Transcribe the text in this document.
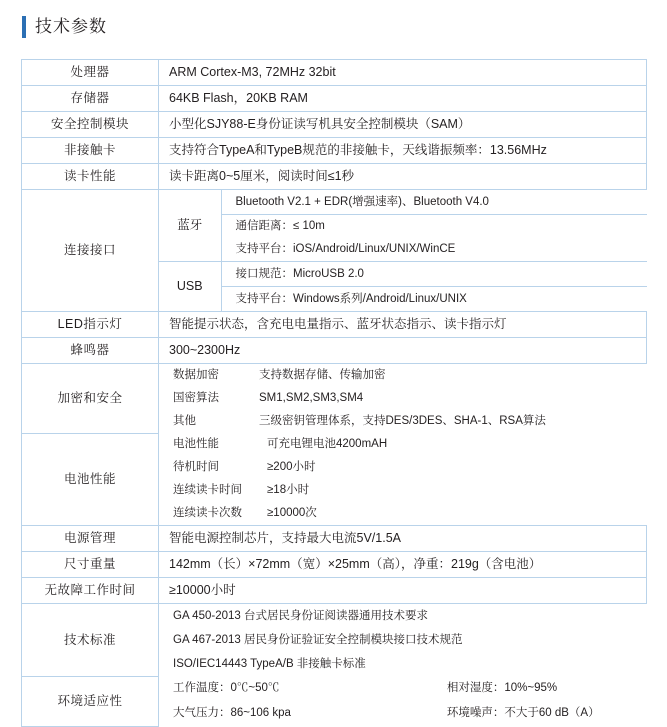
技术参数
处理器	ARM Cortex-M3, 72MHz 32bit
存储器	64KB Flash，20KB RAM
安全控制模块	小型化SJY88-E身份证读写机具安全控制模块（SAM）
非接触卡	支持符合TypeA和TypeB规范的非接触卡，天线谐振频率：13.56MHz
读卡性能	读卡距离0~5厘米，阅读时间≤1秒
连接接口	
蓝牙	Bluetooth V2.1 + EDR(增强速率)、Bluetooth V4.0
通信距离：≤ 10m
支持平台：iOS/Android/Linux/UNIX/WinCE
USB	接口规范：MicroUSB 2.0
支持平台：Windows系列/Android/Linux/UNIX

LED指示灯	智能提示状态，含充电电量指示、蓝牙状态指示、读卡指示灯
蜂鸣器	300~2300Hz
加密和安全	
数据加密	支持数据存储、传输加密
国密算法	SM1,SM2,SM3,SM4
其他	三级密钥管理体系，支持DES/3DES、SHA-1、RSA算法

电池性能	
电池性能	可充电锂电池4200mAH
待机时间	≥200小时
连续读卡时间	≥18小时
连续读卡次数	≥10000次

电源管理	智能电源控制芯片，支持最大电流5V/1.5A
尺寸重量	142mm（长）×72mm（宽）×25mm（高），净重：219g（含电池）
无故障工作时间	≥10000小时
技术标准	
GA 450-2013 台式居民身份证阅读器通用技术要求
GA 467-2013 居民身份证验证安全控制模块接口技术规范
ISO/IEC14443 TypeA/B 非接触卡标准

环境适应性	
工作温度：0℃~50℃	相对湿度：10%~95%
大气压力：86~106 kpa	环境噪声：不大于60 dB（A）
